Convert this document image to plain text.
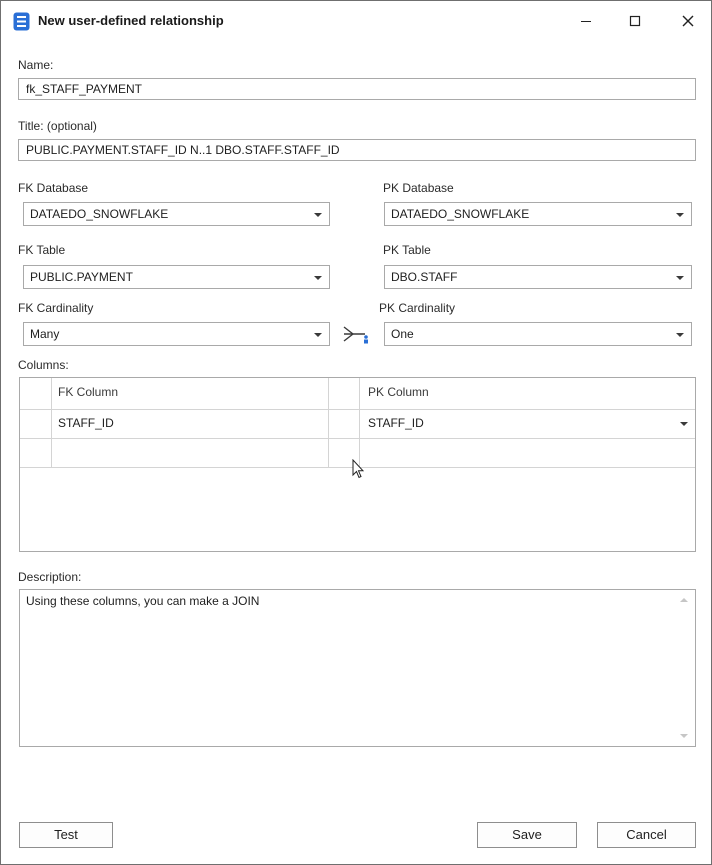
New user-defined relationship
Name:
fk_STAFF_PAYMENT
Title: (optional)
PUBLIC.PAYMENT.STAFF_ID N..1 DBO.STAFF.STAFF_ID
FK Database
DATAEDO_SNOWFLAKE
PK Database
DATAEDO_SNOWFLAKE
FK Table
PUBLIC.PAYMENT
PK Table
DBO.STAFF
FK Cardinality
Many
PK Cardinality
One
Columns:
FK Column	PK Column
STAFF_ID	STAFF_ID
Description:
Using these columns, you can make a JOIN
Test	Save	Cancel
